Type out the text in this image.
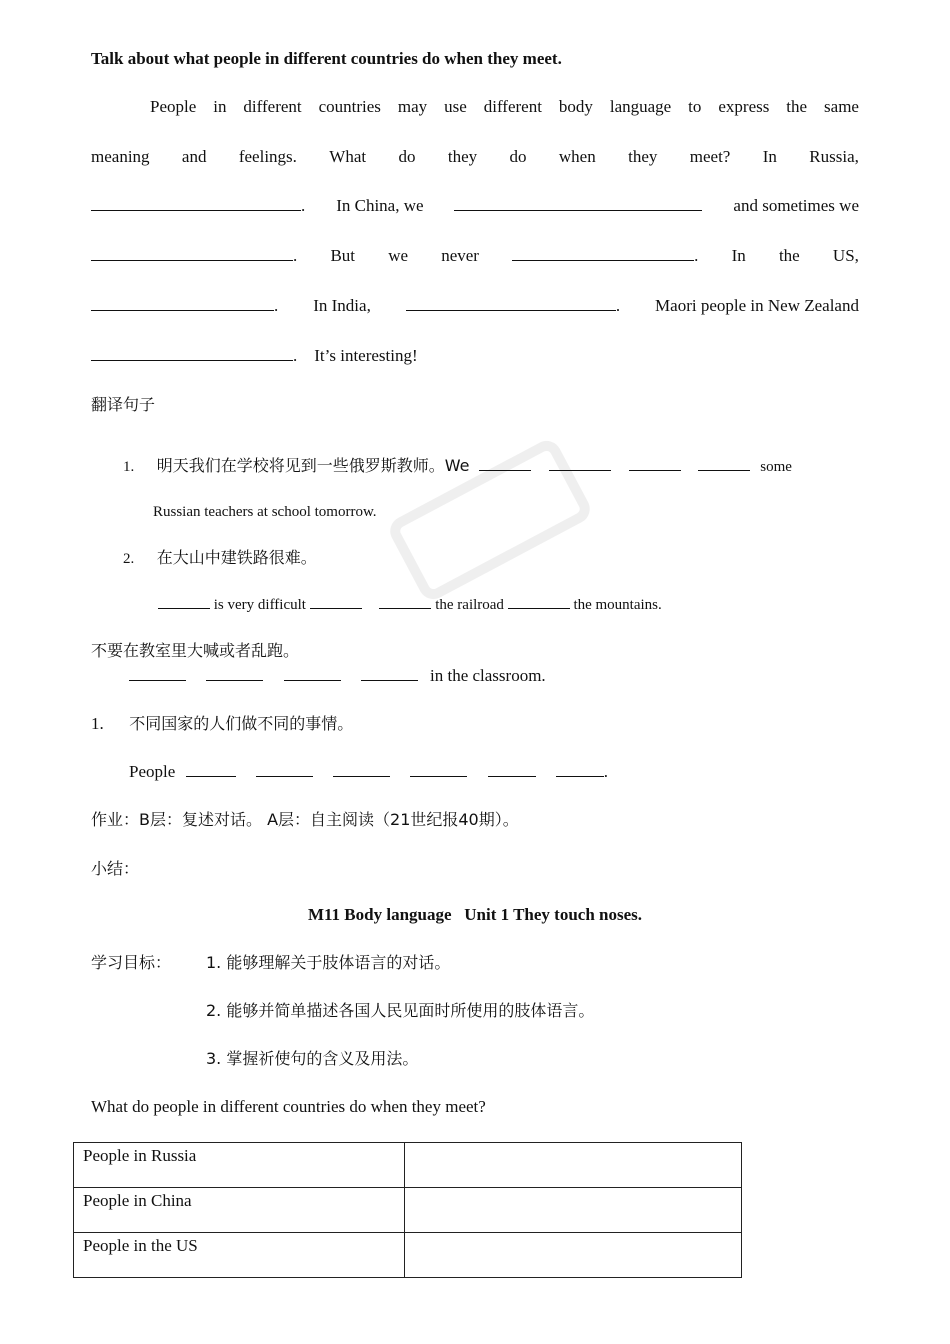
Talk about what people in different countries do when they meet.
People in different countries may use different body language to express the same
meaning and feelings. What do they do when they meet? In Russia,
. In China, we	and sometimes we
. But we never	. In the US,
. In India,	. Maori people in New Zealand
.    It’s interesting!
翻译句子
1. 明天我们在学校将见到一些俄罗斯教师。We	some
Russian teachers at school tomorrow.
2. 在大山中建铁路很难。
is very difficult	the railroad	the mountains.
不要在教室里大喊或者乱跑。
in the classroom.
1. 不同国家的人们做不同的事情。
People	.
作业：B层：复述对话。 A层：自主阅读（21世纪报40期）。
小结：
M11 Body language   Unit 1 They touch noses.
学习目标：	1. 能够理解关于肢体语言的对话。
2. 能够并简单描述各国人民见面时所使用的肢体语言。
3. 掌握祈使句的含义及用法。
What do people in different countries do when they meet?
People in Russia	
People in China	
People in the US	
